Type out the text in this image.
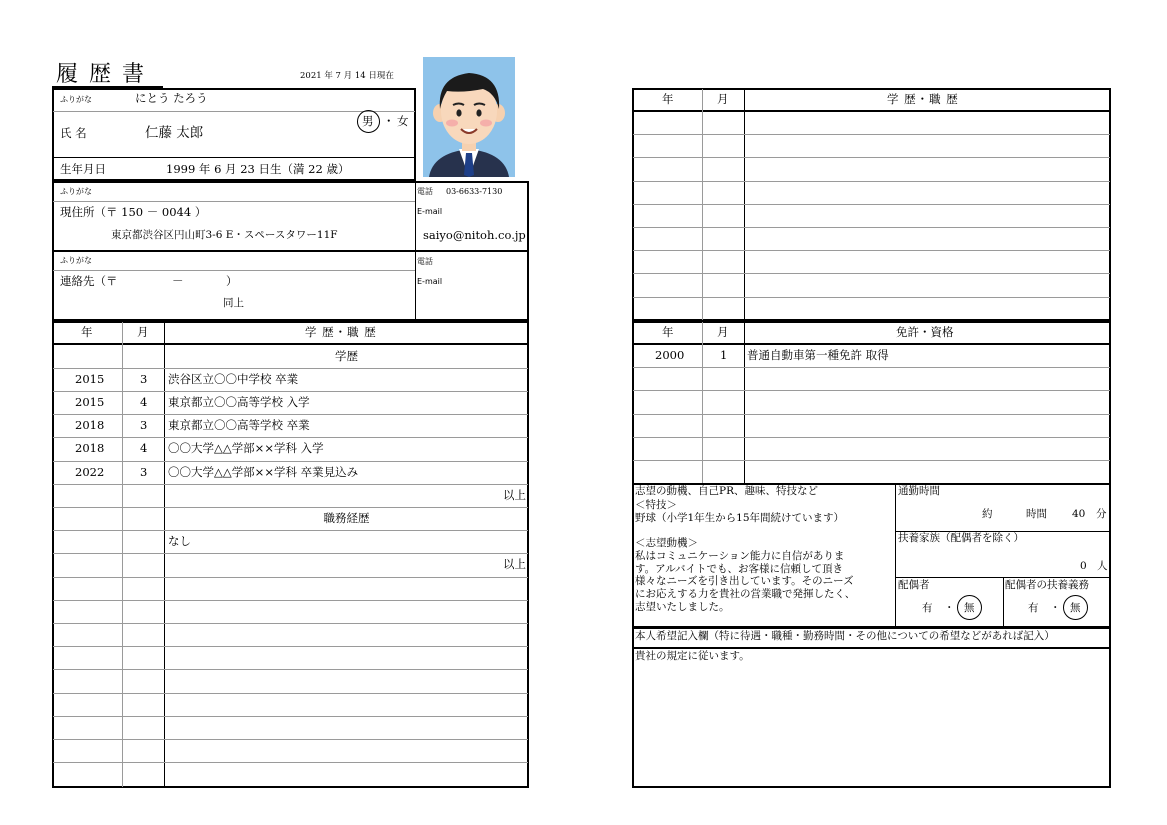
履 歴 書	2021 年 7 月 14 日現在
ふりがな	にとう たろう
氏 名	仁藤 太郎
男 ・ 女
生年月日	1999 年 6 月 23 日生（満 22 歳）
ふりがな
現住所（〒 150 － 0044 ）
東京都渋谷区円山町3-6 E・スペースタワー11F
電話 03-6633-7130
E-mail
saiyo@nitoh.co.jp
ふりがな
連絡先（〒	－	）
同上
電話
E-mail
年	月	学 歴・職 歴
学歴
2015	3 渋谷区立〇〇中学校 卒業
2015	4 東京都立〇〇高等学校 入学
2018	3 東京都立〇〇高等学校 卒業
2018	4 〇〇大学△△学部××学科 入学
2022	3 〇〇大学△△学部××学科 卒業見込み
以上
職務経歴
なし
以上
年	月	学 歴・職 歴
年	月	免許・資格
2000	1 普通自動車第一種免許 取得
志望の動機、自己PR、趣味、特技など
＜特技＞
野球（小学1年生から15年間続けています）
＜志望動機＞
私はコミュニケーション能力に自信がありま
す。アルバイトでも、お客様に信頼して頂き
様々なニーズを引き出しています。そのニーズ
にお応えする力を貴社の営業職で発揮したく、
志望いたしました。
通勤時間
約	時間 40 分
扶養家族（配偶者を除く）
0 人
配偶者
有 ・ 無
配偶者の扶養義務
有 ・ 無
本人希望記入欄（特に待遇・職種・勤務時間・その他についての希望などがあれば記入）
貴社の規定に従います。
